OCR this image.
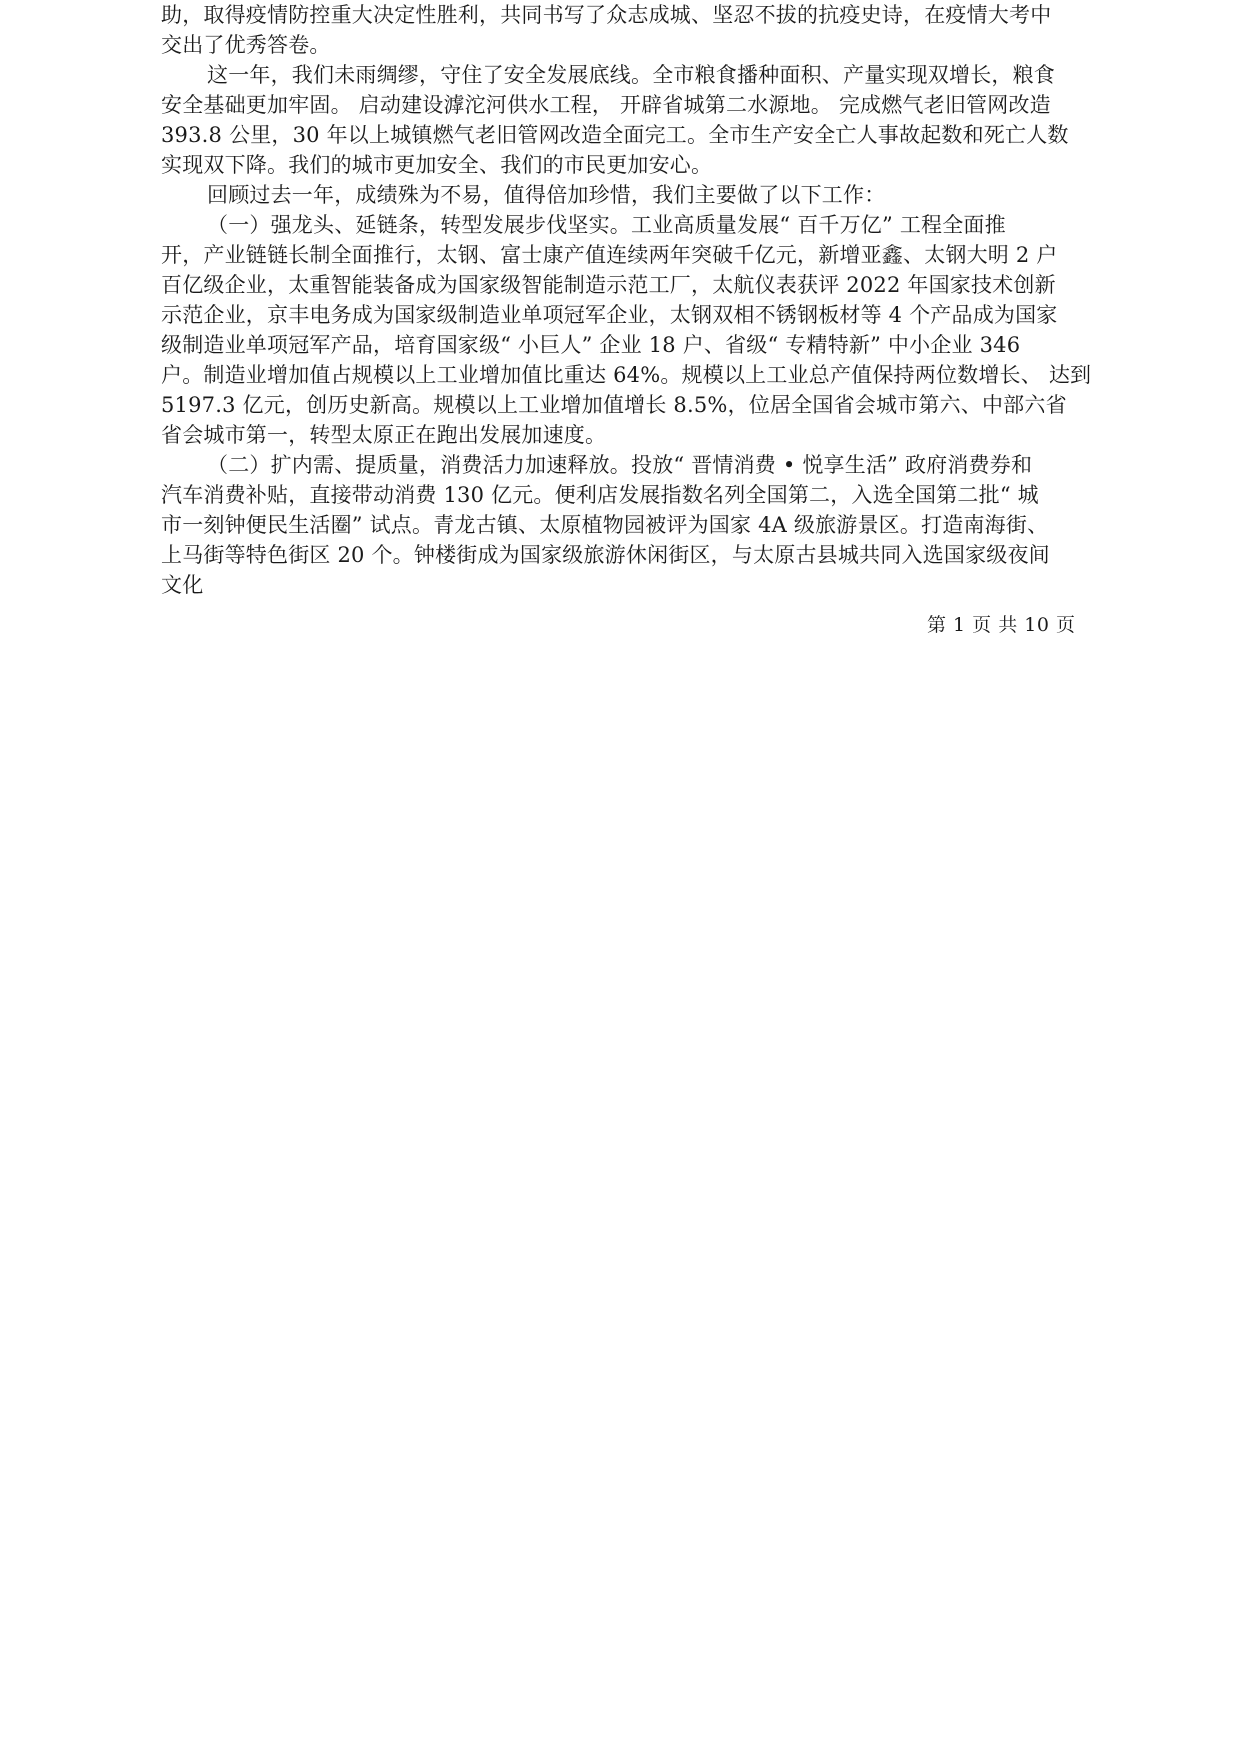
助，取得疫情防控重大决定性胜利，共同书写了众志成城、坚忍不拔的抗疫史诗，在疫情大考中
交出了优秀答卷。
这一年，我们未雨绸缪，守住了安全发展底线。全市粮食播种面积、产量实现双增长，粮食
安全基础更加牢固。 启动建设滹沱河供水工程， 开辟省城第二水源地。 完成燃气老旧管网改造
393.8 公里，30 年以上城镇燃气老旧管网改造全面完工。全市生产安全亡人事故起数和死亡人数
实现双下降。我们的城市更加安全、我们的市民更加安心。
回顾过去一年，成绩殊为不易，值得倍加珍惜，我们主要做了以下工作：
（一）强龙头、延链条，转型发展步伐坚实。工业高质量发展“ 百千万亿” 工程全面推
开，产业链链长制全面推行，太钢、富士康产值连续两年突破千亿元，新增亚鑫、太钢大明 2 户
百亿级企业，太重智能装备成为国家级智能制造示范工厂，太航仪表获评 2022 年国家技术创新
示范企业，京丰电务成为国家级制造业单项冠军企业，太钢双相不锈钢板材等 4 个产品成为国家
级制造业单项冠军产品，培育国家级“ 小巨人” 企业 18 户、省级“ 专精特新” 中小企业 346
户。制造业增加值占规模以上工业增加值比重达 64%。规模以上工业总产值保持两位数增长、 达到
5197.3 亿元，创历史新高。规模以上工业增加值增长 8.5%，位居全国省会城市第六、中部六省
省会城市第一，转型太原正在跑出发展加速度。
（二）扩内需、提质量，消费活力加速释放。投放“ 晋情消费 • 悦享生活” 政府消费券和
汽车消费补贴，直接带动消费 130 亿元。便利店发展指数名列全国第二，入选全国第二批“ 城
市一刻钟便民生活圈” 试点。青龙古镇、太原植物园被评为国家 4A 级旅游景区。打造南海街、
上马街等特色街区 20 个。钟楼街成为国家级旅游休闲街区，与太原古县城共同入选国家级夜间
文化
第 1 页 共 10 页
